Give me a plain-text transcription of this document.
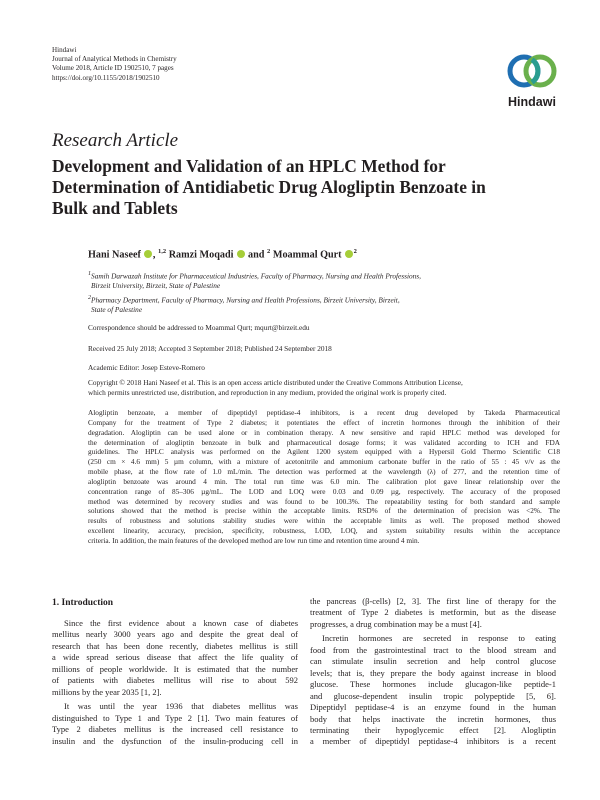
Hindawi
Journal of Analytical Methods in Chemistry
Volume 2018, Article ID 1902510, 7 pages
https://doi.org/10.1155/2018/1902510
Hindawi
Research Article
Development and Validation of an HPLC Method for
Determination of Antidiabetic Drug Alogliptin Benzoate in
Bulk and Tablets
Hani Naseef , $^{1,2}$ Ramzi Moqadi and $^2$ Moammal Qurt $^2$
$^1$Samih Darwazah Institute for Pharmaceutical Industries, Faculty of Pharmacy, Nursing and Health Professions,
Birzeit University, Birzeit, State of Palestine
$^2$Pharmacy Department, Faculty of Pharmacy, Nursing and Health Professions, Birzeit University, Birzeit,
State of Palestine
Correspondence should be addressed to Moammal Qurt; mqurt@birzeit.edu
Received 25 July 2018; Accepted 3 September 2018; Published 24 September 2018
Academic Editor: Josep Esteve-Romero
Copyright © 2018 Hani Naseef et al. This is an open access article distributed under the Creative Commons Attribution License,
which permits unrestricted use, distribution, and reproduction in any medium, provided the original work is properly cited.
Alogliptin benzoate, a member of dipeptidyl peptidase-4 inhibitors, is a recent drug developed by Takeda Pharmaceutical
Company for the treatment of Type 2 diabetes; it potentiates the effect of incretin hormones through the inhibition of their
degradation. Alogliptin can be used alone or in combination therapy. A new sensitive and rapid HPLC method was developed for
the determination of alogliptin benzoate in bulk and pharmaceutical dosage forms; it was validated according to ICH and FDA
guidelines. The HPLC analysis was performed on the Agilent 1200 system equipped with a Hypersil Gold Thermo Scientific C18
(250 cm × 4.6 mm) 5 µm column, with a mixture of acetonitrile and ammonium carbonate buffer in the ratio of 55 : 45 v/v as the
mobile phase, at the flow rate of 1.0 mL/min. The detection was performed at the wavelength (λ) of 277, and the retention time of
alogliptin benzoate was around 4 min. The total run time was 6.0 min. The calibration plot gave linear relationship over the
concentration range of 85–306 µg/mL. The LOD and LOQ were 0.03 and 0.09 µg, respectively. The accuracy of the proposed
method was determined by recovery studies and was found to be 100.3%. The repeatability testing for both standard and sample
solutions showed that the method is precise within the acceptable limits. RSD% of the determination of precision was <2%. The
results of robustness and solutions stability studies were within the acceptable limits as well. The proposed method showed
excellent linearity, accuracy, precision, specificity, robustness, LOD, LOQ, and system suitability results within the acceptance
criteria. In addition, the main features of the developed method are low run time and retention time around 4 min.
1. Introduction
Since the first evidence about a known case of diabetes
mellitus nearly 3000 years ago and despite the great deal of
research that has been done recently, diabetes mellitus is still
a wide spread serious disease that affect the life quality of
millions of people worldwide. It is estimated that the number
of patients with diabetes mellitus will rise to about 592
millions by the year 2035 [1, 2].
It was until the year 1936 that diabetes mellitus was
distinguished to Type 1 and Type 2 [1]. Two main features of
Type 2 diabetes mellitus is the increased cell resistance to
insulin and the dysfunction of the insulin-producing cell in
the pancreas (β-cells) [2, 3]. The first line of therapy for the
treatment of Type 2 diabetes is metformin, but as the disease
progresses, a drug combination may be a must [4].
Incretin hormones are secreted in response to eating
food from the gastrointestinal tract to the blood stream and
can stimulate insulin secretion and help control glucose
levels; that is, they prepare the body against increase in blood
glucose. These hormones include glucagon-like peptide-1
and glucose-dependent insulin tropic polypeptide [5, 6].
Dipeptidyl peptidase-4 is an enzyme found in the human
body that helps inactivate the incretin hormones, thus
terminating their hypoglycemic effect [2]. Alogliptin
a member of dipeptidyl peptidase-4 inhibitors is a recent
